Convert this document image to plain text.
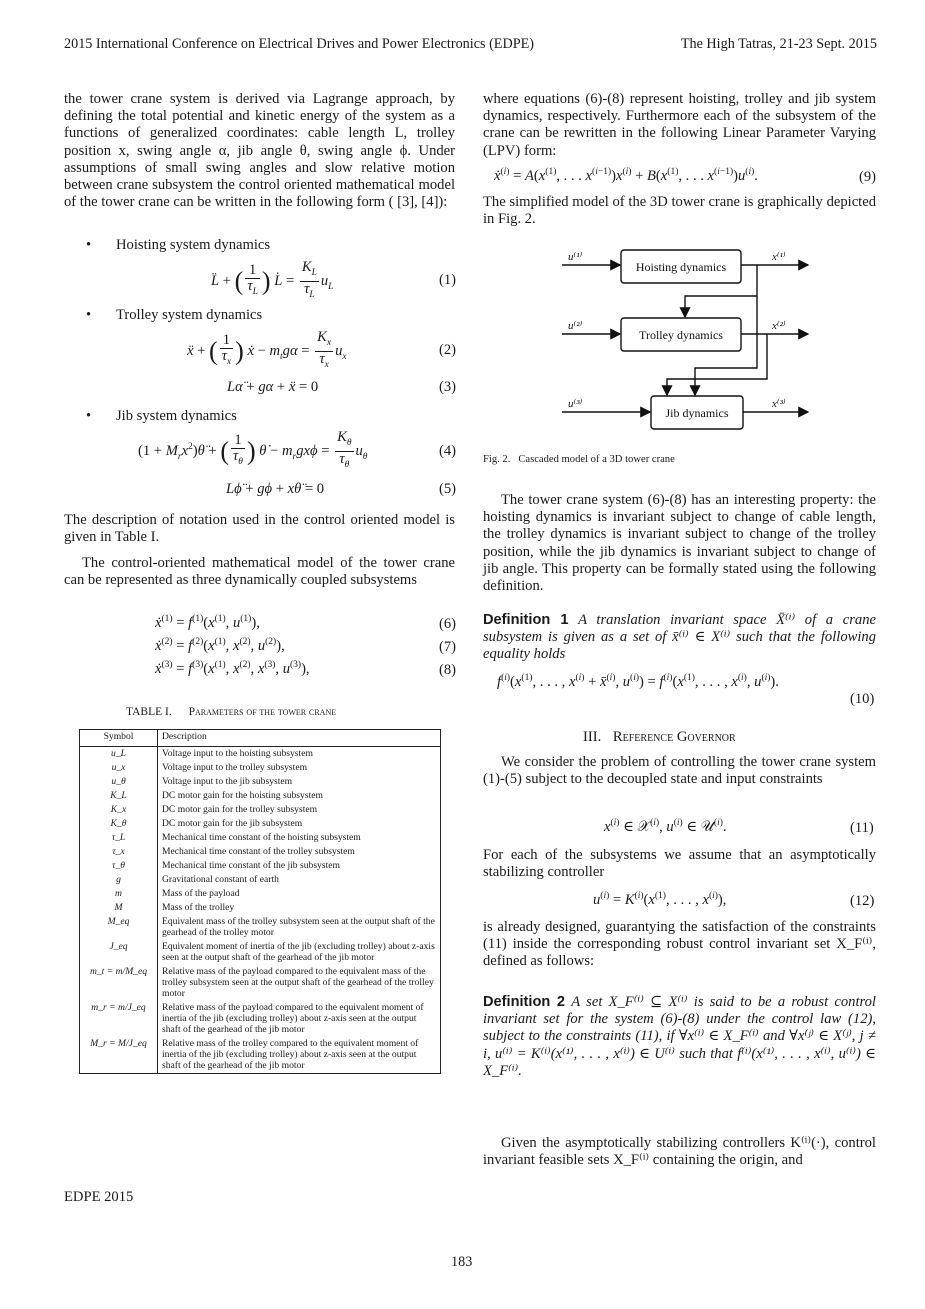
2015 International Conference on Electrical Drives and Power Electronics (EDPE)	The High Tatras, 21-23 Sept. 2015

the tower crane system is derived via Lagrange approach, by defining the total potential and kinetic energy of the system as a functions of generalized coordinates: cable length L, trolley position x, swing angle α, jib angle θ, swing angle ϕ. Under assumptions of small swing angles and slow relative motion between crane subsystem the control oriented mathematical model of the tower crane can be written in the following form ( [3], [4]):

• Hoisting system dynamics
L̈ + ( $\frac{1}{\tau_L}$ ) L̇ = $\frac{K_L}{\tau_L} u_L$	(1)
• Trolley system dynamics
ẍ + ( $\frac{1}{\tau_x}$ ) ẋ − $m_tg\alpha = \frac{K_x}{\tau_x} u_x$	(2)
Lα̈ + gα + ẍ = 0	(3)
• Jib system dynamics
$(1 + M_rx^2)\thetä$ + ( $\frac{1}{\tau_\theta}$ ) θ̇ − $m_rgx\phi = \frac{K_\theta}{\tau_\theta} u_\theta$	(4)
Lϕ̈ + gϕ + xθ̈ = 0	(5)

The description of notation used in the control oriented model is given in Table I.

The control-oriented mathematical model of the tower crane can be represented as three dynamically coupled subsystems

ẋ$^{(1)}$ = $f^{(1)}(x^{(1)}$, $u^{(1)}$),	(6)
ẋ$^{(2)}$ = $f^{(2)}(x^{(1)}$, $x^{(2)}$, $u^{(2)}$),	(7)
ẋ$^{(3)}$ = $f^{(3)}(x^{(1)}$, $x^{(2)}$, $x^{(3)}$, $u^{(3)}$),	(8)
TABLE I. Parameters of the tower crane
Symbol	Description
u_L	Voltage input to the hoisting subsystem
u_x	Voltage input to the trolley subsystem
u_θ	Voltage input to the jib subsystem
K_L	DC motor gain for the hoisting subsystem
K_x	DC motor gain for the trolley subsystem
K_θ	DC motor gain for the jib subsystem
τ_L	Mechanical time constant of the hoisting subsystem
τ_x	Mechanical time constant of the trolley subsystem
τ_θ	Mechanical time constant of the jib subsystem
g	Gravitational constant of earth
m	Mass of the payload
M	Mass of the trolley
M_eq	Equivalent mass of the trolley subsystem seen at the output shaft of the gearhead of the trolley motor
J_eq	Equivalent moment of inertia of the jib (excluding trolley) about z-axis seen at the output shaft of the gearhead of the jib motor
m_t = m/M_eq	Relative mass of the payload compared to the equivalent mass of the trolley subsystem seen at the output shaft of the gearhead of the trolley motor
m_r = m/J_eq	Relative mass of the payload compared to the equivalent moment of inertia of the jib (excluding trolley) about z-axis seen at the output shaft of the gearhead of the jib motor
M_r = M/J_eq	Relative mass of the trolley compared to the equivalent moment of inertia of the jib (excluding trolley) about z-axis seen at the output shaft of the gearhead of the jib motor
EDPE 2015

where equations (6)-(8) represent hoisting, trolley and jib system dynamics, respectively. Furthermore each of the subsystem of the crane can be rewritten in the following Linear Parameter Varying (LPV) form:

ẋ$^{(i)}$ = $A(x^{(1)}$, . . . $x^{(i-1)})x^{(i)} + B(x^{(1)}$, . . . $x^{(i-1)})u^{(i)}$.	(9)

The simplified model of the 3D tower crane is graphically depicted in Fig. 2.

Hoisting dynamics
Trolley dynamics
Jib dynamics
u⁽¹⁾
u⁽²⁾
u⁽³⁾
x⁽¹⁾
x⁽²⁾
x⁽³⁾
Fig. 2.   Cascaded model of a 3D tower crane

The tower crane system (6)-(8) has an interesting property: the hoisting dynamics is invariant subject to change of cable length, the trolley dynamics is invariant subject to change of the trolley position, while the jib dynamics is invariant subject to change of jib angle. This property can be formally stated using the following definition.

Definition 1 A translation invariant space X̄⁽ⁱ⁾ of a crane subsystem is given as a set of x̄⁽ⁱ⁾ ∈ X⁽ⁱ⁾ such that the following equality holds

$f^{(i)}(x^{(1)}$, . . . , $x^{(i)}$ + x̄$^{(i)}$, $u^{(i)}) = f^{(i)}(x^{(1)}$, . . . , $x^{(i)}$, $u^{(i)}$).
(10)
III. Reference Governor

We consider the problem of controlling the tower crane system (1)-(5) subject to the decoupled state and input constraints

$x^{(i)}$ ∈ 𝒳$^{(i)}$, $u^{(i)}$ ∈ 𝒰$^{(i)}$.	(11)

For each of the subsystems we assume that an asymptotically stabilizing controller

$u^{(i)} = K^{(i)}(x^{(1)}$, . . . , $x^{(i)}$),	(12)

is already designed, guarantying the satisfaction of the constraints (11) inside the corresponding robust control invariant set X_F⁽ⁱ⁾, defined as follows:

Definition 2 A set X_F⁽ⁱ⁾ ⊆ X⁽ⁱ⁾ is said to be a robust control invariant set for the system (6)-(8) under the control law (12), subject to the constraints (11), if ∀x⁽ⁱ⁾ ∈ X_F⁽ⁱ⁾ and ∀x⁽ʲ⁾ ∈ X⁽ʲ⁾, j ≠ i, u⁽ⁱ⁾ = K⁽ⁱ⁾(x⁽¹⁾, . . . , x⁽ⁱ⁾) ∈ U⁽ⁱ⁾ such that f⁽ⁱ⁾(x⁽¹⁾, . . . , x⁽ⁱ⁾, u⁽ⁱ⁾) ∈ X_F⁽ⁱ⁾.

Given the asymptotically stabilizing controllers K⁽ⁱ⁾(·), control invariant feasible sets X_F⁽ⁱ⁾ containing the origin, and

183
